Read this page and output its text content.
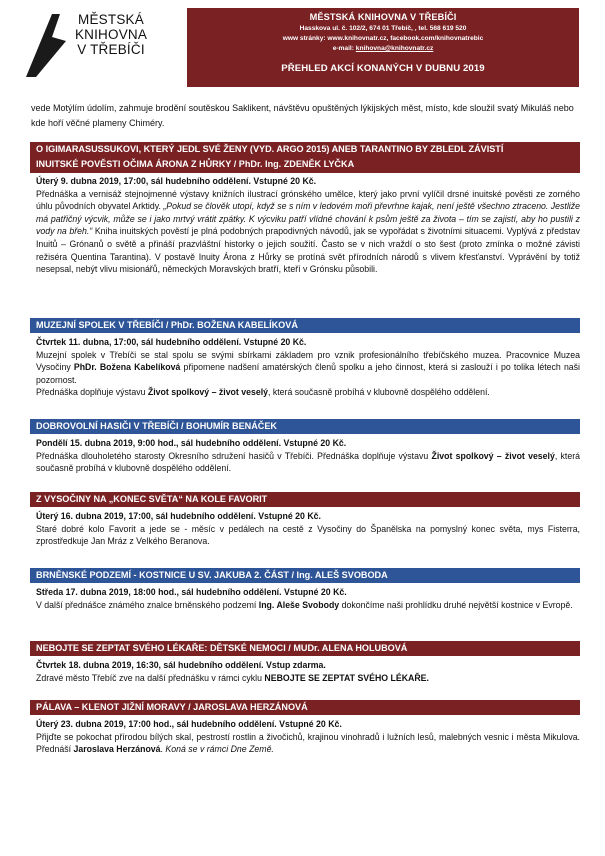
MĚSTSKÁ
KNIHOVNA
V TŘEBÍČI
MĚSTSKÁ KNIHOVNA V TŘEBÍČI
Hasskova ul. č. 102/2, 674 01 Třebíč, , tel. 568 619 520
www stránky: www.knihovnatr.cz, facebook.com/knihovnatrebic
e-mail: knihovna@knihovnatr.cz
PŘEHLED AKCÍ KONANÝCH V DUBNU 2019
vede Motýlím údolím, zahmuje brodění soutěskou Saklikent, návštěvu opuštěných lýkijských měst, místo, kde sloužil svatý Mikuláš nebo kde hoří věčné plameny Chiméry.
O IGIMARASUSSUKOVI, KTERÝ JEDL SVÉ ŽENY (VYD. ARGO 2015) ANEB TARANTINO BY ZBLEDL ZÁVISTÍ
INUITSKÉ POVĚSTI OČIMA ÁRONA Z HŮRKY / PhDr. Ing. ZDENĚK LYČKA
Úterý 9. dubna 2019, 17:00, sál hudebního oddělení. Vstupné 20 Kč.
Přednáška a vernisáž stejnojmenné výstavy knižních ilustrací grónského umělce, který jako první vylíčil drsné inuitské pověsti ze zorného úhlu původních obyvatel Arktidy. „Pokud se člověk utopí, když se s ním v ledovém moři převrhne kajak, není ještě všechno ztraceno. Jestliže má patřičný výcvik, může se i jako mrtvý vrátit zpátky. K výcviku patří vlídné chování k psům ještě za života – tím se zajistí, aby ho pustili z vody na břeh.“ Kniha inuitských pověstí je plná podobných prapodivných návodů, jak se vypořádat s životními situacemi. Vyplývá z představ Inuitů – Grónanů o světě a přináší prazvláštní historky o jejich soužití. Často se v nich vraždí o sto šest (proto zmínka o možné závisti režiséra Quentina Tarantina). V postavě Inuity Árona z Hůrky se protíná svět přírodních národů s vlivem křesťanství. Vyprávění by totiž nesepsal, nebýt vlivu misionářů, německých Moravských bratří, kteří v Grónsku působili.
MUZEJNÍ SPOLEK V TŘEBÍČI / PhDr. BOŽENA KABELÍKOVÁ
Čtvrtek 11. dubna, 17:00, sál hudebního oddělení. Vstupné 20 Kč.
Muzejní spolek v Třebíči se stal spolu se svými sbírkami základem pro vznik profesionálního třebíčského muzea. Pracovnice Muzea Vysočiny PhDr. Božena Kabelíková připomene nadšení amatérských členů spolku a jeho činnost, která si zaslouží i po tolika létech naši pozornost.
Přednáška doplňuje výstavu Život spolkový – život veselý, která současně probíhá v klubovně dospělého oddělení.
DOBROVOLNÍ HASIČI V TŘEBÍČI / BOHUMÍR BENÁČEK
Pondělí 15. dubna 2019, 9:00 hod., sál hudebního oddělení. Vstupné 20 Kč.
Přednáška dlouholetého starosty Okresního sdružení hasičů v Třebíči. Přednáška doplňuje výstavu Život spolkový – život veselý, která současně probíhá v klubovně dospělého oddělení.
Z VYSOČINY NA „KONEC SVĚTA“ NA KOLE FAVORIT
Úterý 16. dubna 2019, 17:00, sál hudebního oddělení. Vstupné 20 Kč.
Staré dobré kolo Favorit a jede se - měsíc v pedálech na cestě z Vysočiny do Španělska na pomyslný konec světa, mys Fisterra, zprostředkuje Jan Mráz z Velkého Beranova.
BRNĚNSKÉ PODZEMÍ - KOSTNICE U SV. JAKUBA 2. ČÁST / Ing. ALEŠ SVOBODA
Středa 17. dubna 2019, 18:00 hod., sál hudebního oddělení. Vstupné 20 Kč.
V další přednášce známého znalce brněnského podzemí Ing. Aleše Svobody dokončíme naši prohlídku druhé největší kostnice v Evropě.
NEBOJTE SE ZEPTAT SVÉHO LÉKAŘE: DĚTSKÉ NEMOCI / MUDr. ALENA HOLUBOVÁ
Čtvrtek 18. dubna 2019, 16:30, sál hudebního oddělení. Vstup zdarma.
Zdravé město Třebíč zve na další přednášku v rámci cyklu NEBOJTE SE ZEPTAT SVÉHO LÉKAŘE.
PÁLAVA – KLENOT JIŽNÍ MORAVY / JAROSLAVA HERZÁNOVÁ
Úterý 23. dubna 2019, 17:00 hod., sál hudebního oddělení. Vstupné 20 Kč.
Přijďte se pokochat přírodou bílých skal, pestrostí rostlin a živočichů, krajinou vinohradů i lužních lesů, malebných vesnic i města Mikulova. Přednáší Jaroslava Herzánová. Koná se v rámci Dne Země.
